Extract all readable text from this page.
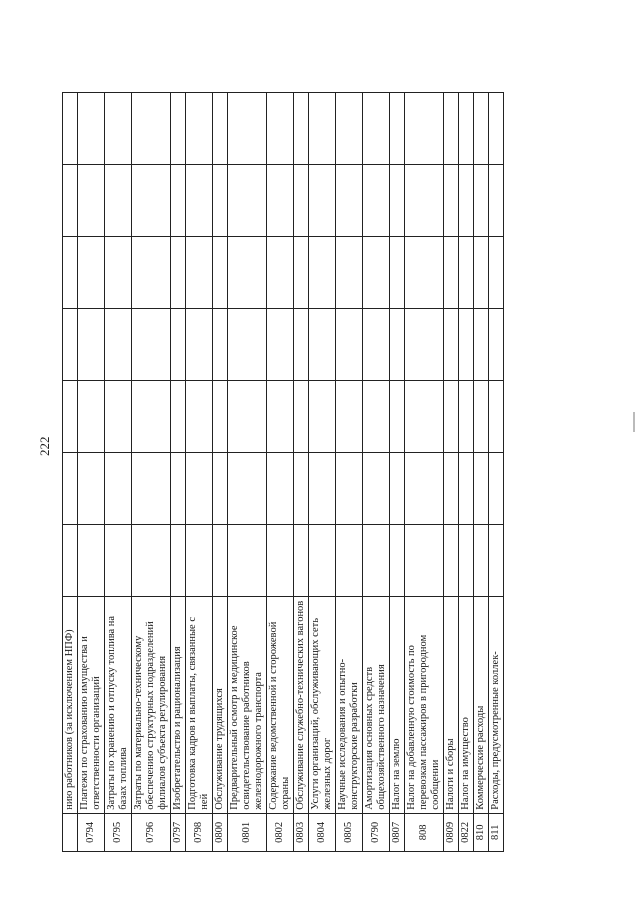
222
	нию работников (за исключением НПФ)							
0794	Платежи по страхованию имущества и ответственности организаций							
0795	Затраты по хранению и отпуску топлива на базах топлива							
0796	Затраты по материально-техническому обеспечению структурных подразделений филиалов субъекта регулирования							
0797	Изобретательство и рационализация							
0798	Подготовка кадров и выплаты, связанные с ней							
0800	Обслуживание трудящихся							
0801	Предварительный осмотр и медицинское освидетельствование работников железнодорожного транспорта							
0802	Содержание ведомственной и сторожевой охраны							
0803	Обслуживание служебно-технических вагонов							
0804	Услуги организаций, обслуживающих сеть железных дорог							
0805	Научные исследования и опытно-конструкторские разработки							
0790	Амортизация основных средств общехозяйственного назначения							
0807	Налог на землю							
808	Налог на добавленную стоимость по перевозкам пассажиров в пригородном сообщении							
0809	Налоги и сборы							
0822	Налог на имущество							
810	Коммерческие расходы							
811	Расходы, предусмотренные коллек-							
